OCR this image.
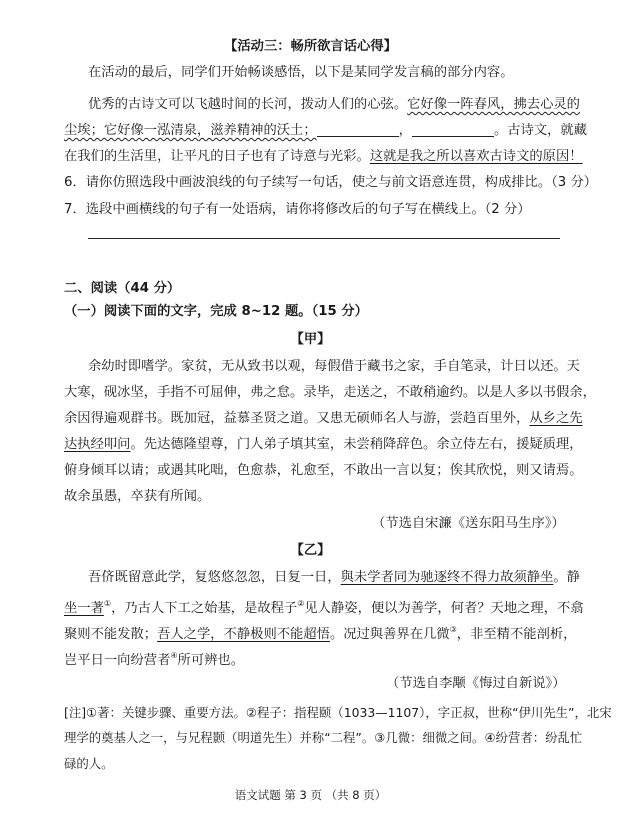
【活动三：畅所欲言话心得】
在活动的最后，同学们开始畅谈感悟，以下是某同学发言稿的部分内容。
优秀的古诗文可以飞越时间的长河，拨动人们的心弦。它好像一阵春风，拂去心灵的
尘埃；它好像一泓清泉，滋养精神的沃土；	，	。古诗文，就藏
在我们的生活里，让平凡的日子也有了诗意与光彩。这就是我之所以喜欢古诗文的原因！
6．请你仿照选段中画波浪线的句子续写一句话，使之与前文语意连贯，构成排比。（3 分）
7．选段中画横线的句子有一处语病，请你将修改后的句子写在横线上。（2 分）
二、阅读（44 分）
（一）阅读下面的文字，完成 8~12 题。（15 分）
【甲】
余幼时即嗜学。家贫，无从致书以观，每假借于藏书之家，手自笔录，计日以还。天
大寒，砚冰坚，手指不可屈伸，弗之怠。录毕，走送之，不敢稍逾约。以是人多以书假余，
余因得遍观群书。既加冠，益慕圣贤之道。又患无硕师名人与游，尝趋百里外，从乡之先
达执经叩问。先达德隆望尊，门人弟子填其室，未尝稍降辞色。余立侍左右，援疑质理，
俯身倾耳以请；或遇其叱咄，色愈恭，礼愈至，不敢出一言以复；俟其欣悦，则又请焉。
故余虽愚，卒获有所闻。
（节选自宋濂《送东阳马生序》）
【乙】
吾侪既留意此学，复悠悠忽忽，日复一日，與未学者同为驰逐终不得力故须静坐。静
坐一著①，乃古人下工之始基，是故程子②见人静姿，便以为善学，何者？天地之理，不翕
聚则不能发散；吾人之学，不静极则不能超悟。况过與善界在几微③，非至精不能剖析，
岂平日一向纷营者④所可辨也。
（节选自李颙《悔过自新说》）
[注]①著：关键步骤、重要方法。②程子：指程颐（1033—1107），字正叔，世称“伊川先生”，北宋
理学的奠基人之一，与兄程颢（明道先生）并称“二程”。③几微：细微之间。④纷营者：纷乱忙
碌的人。
语文试题 第 3 页 （共 8 页）
